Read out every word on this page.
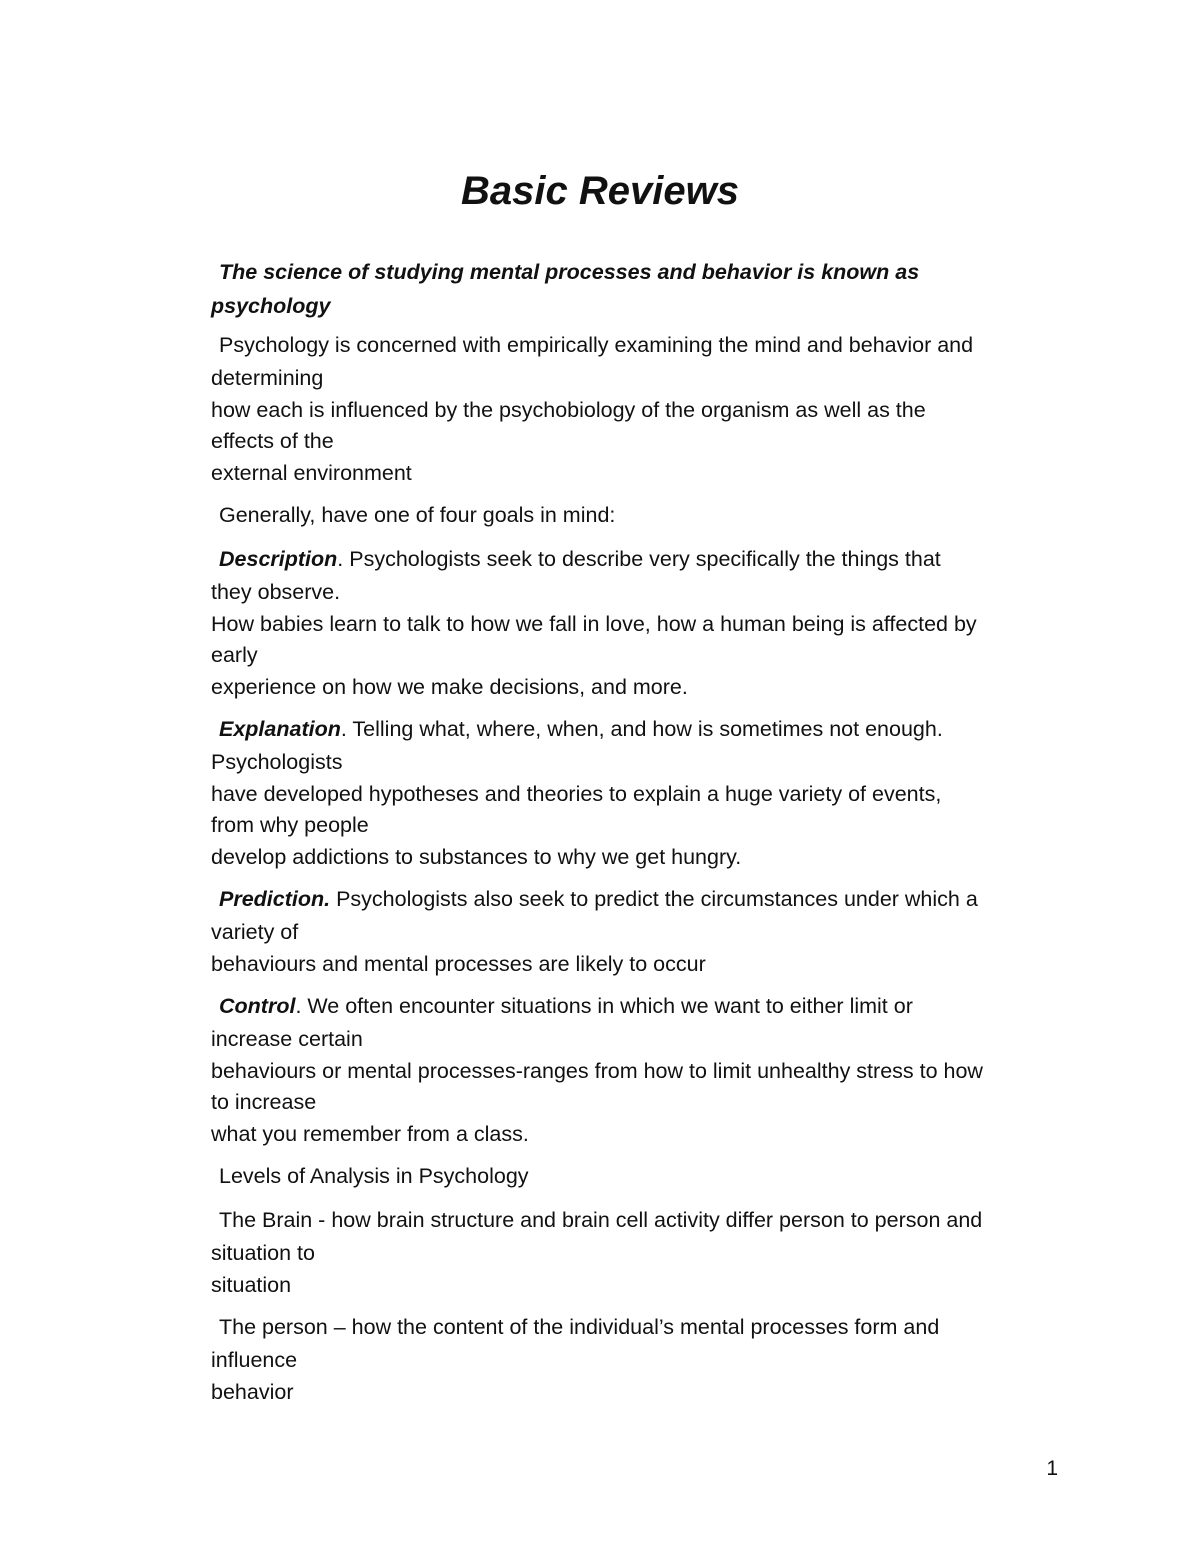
Basic Reviews
The science of studying mental processes and behavior is known as
psychology
Psychology is concerned with empirically examining the mind and behavior and
determining
how each is influenced by the psychobiology of the organism as well as the
effects of the
external environment
Generally, have one of four goals in mind:
Description. Psychologists seek to describe very specifically the things that
they observe.
How babies learn to talk to how we fall in love, how a human being is affected by
early
experience on how we make decisions, and more.
Explanation. Telling what, where, when, and how is sometimes not enough.
Psychologists
have developed hypotheses and theories to explain a huge variety of events,
from why people
develop addictions to substances to why we get hungry.
Prediction. Psychologists also seek to predict the circumstances under which a
variety of
behaviours and mental processes are likely to occur
Control. We often encounter situations in which we want to either limit or
increase certain
behaviours or mental processes-ranges from how to limit unhealthy stress to how
to increase
what you remember from a class.
Levels of Analysis in Psychology
The Brain - how brain structure and brain cell activity differ person to person and
situation to
situation
The person – how the content of the individual’s mental processes form and
influence
behavior
1
